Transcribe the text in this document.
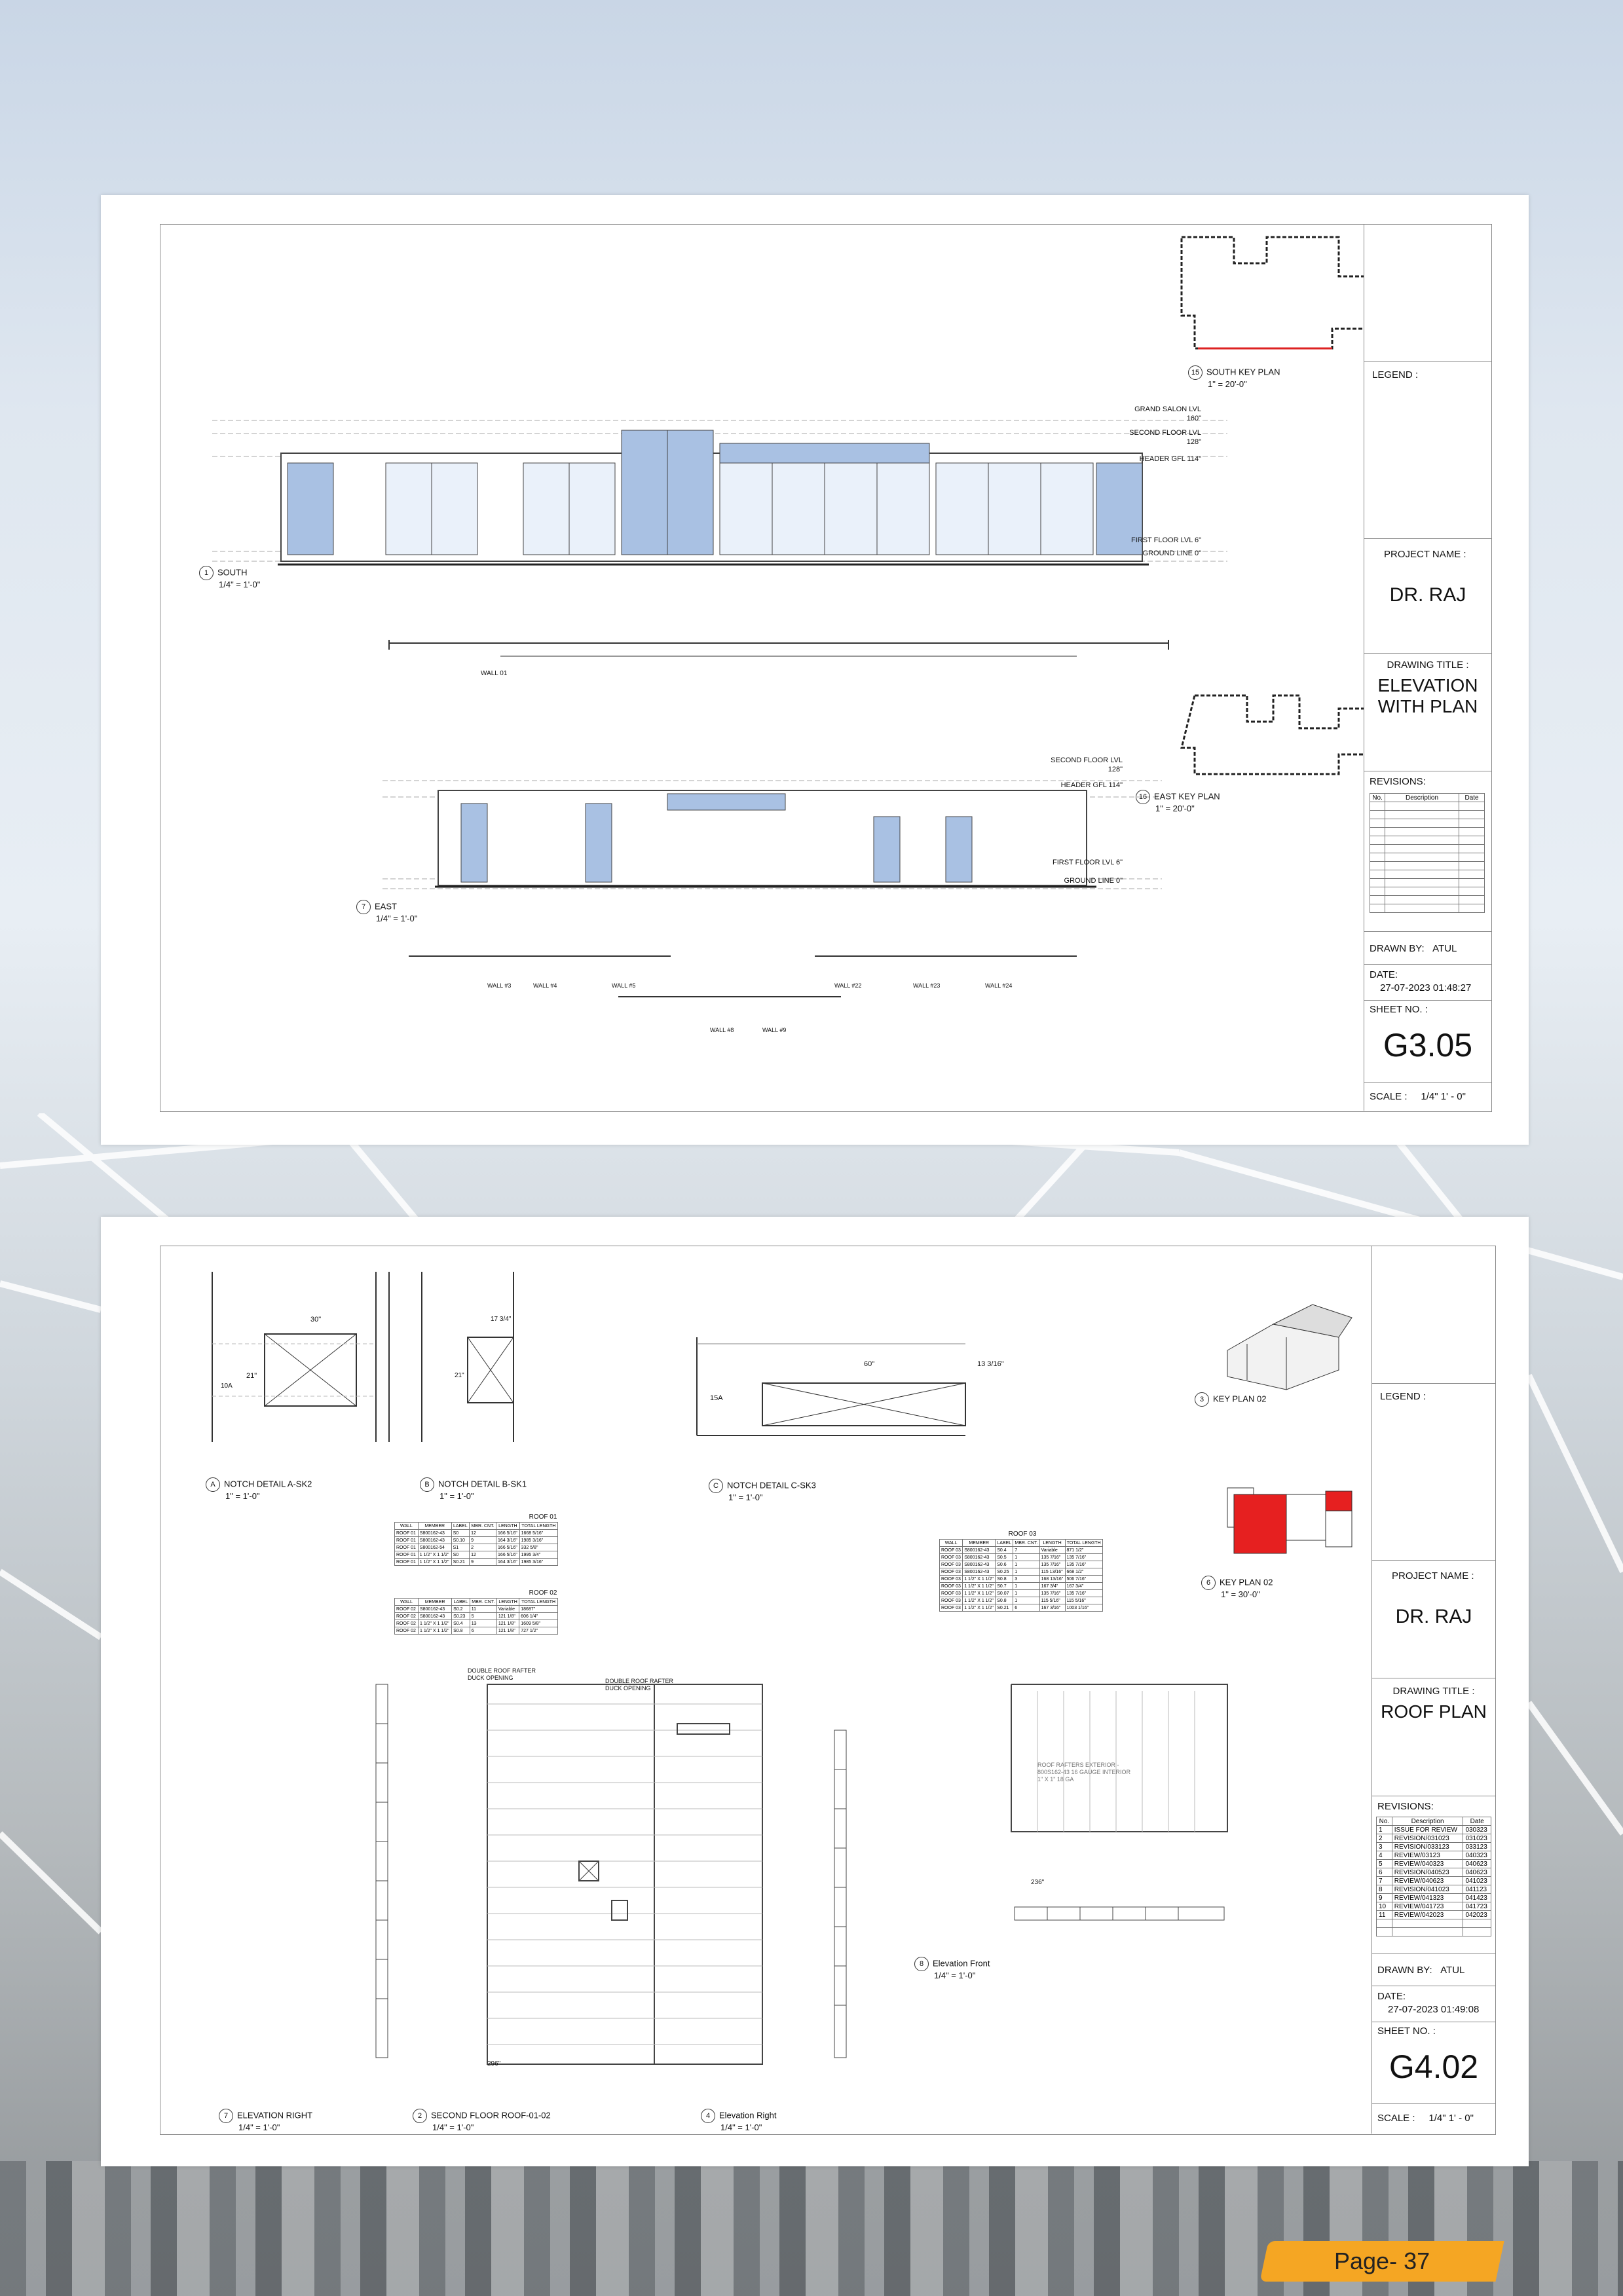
15 SOUTH KEY PLAN
1" = 20'-0"
1 SOUTH
1/4" = 1'-0"
16 EAST KEY PLAN
1" = 20'-0"
7 EAST
1/4" = 1'-0"
GRAND SALON LVL 160"
SECOND FLOOR LVL 128"
HEADER GFL 114"
FIRST FLOOR LVL 6"
GROUND LINE 0"
WALL 01
SECOND FLOOR LVL 128"
HEADER GFL 114"
FIRST FLOOR LVL 6"
GROUND LINE 0"
WALL #3	WALL #4	WALL #5	WALL #22	WALL #23	WALL #24
WALL #8	WALL #9
LEGEND :
PROJECT NAME :
DR. RAJ
DRAWING TITLE :
ELEVATION WITH PLAN
REVISIONS:
No.	Description	Date

DRAWN BY: ATUL
DATE:
27-07-2023 01:48:27
SHEET NO. :
G3.05
SCALE : 1/4" 1' - 0"
30"
21"
10A
17 3/4"
21"
60"	13 3/16"
15A
296"
236"
DOUBLE ROOF RAFTER DUCK OPENING	DOUBLE ROOF RAFTER DUCK OPENING
ROOF RAFTERS EXTERIOR - 800S162-43 16 GAUGE INTERIOR 1" X 1" 18 GA
ROOF 01
WALL	MEMBER	LABEL	MBR. CNT.	LENGTH	TOTAL LENGTH
ROOF 01	S800162-43	S0	12	166 5/16"	1668 5/16"
ROOF 01	S800162-43	S0.10	9	164 3/16"	1985 3/16"
ROOF 01	S800162-54	S1	2	166 5/16"	332 5/8"
ROOF 01	1 1/2" X 1 1/2"	S0	12	166 5/16"	1995 3/4"
ROOF 01	1 1/2" X 1 1/2"	S0.21	9	164 3/16"	1985 3/16"
ROOF 02
WALL	MEMBER	LABEL	MBR. CNT.	LENGTH	TOTAL LENGTH
ROOF 02	S800162-43	S0.2	11	Variable	18687"
ROOF 02	S800162-43	S0.23	5	121 1/8"	606 1/4"
ROOF 02	1 1/2" X 1 1/2"	S0.4	13	121 1/8"	1609 5/8"
ROOF 02	1 1/2" X 1 1/2"	S0.8	6	121 1/8"	727 1/2"
ROOF 03
WALL	MEMBER	LABEL	MBR. CNT.	LENGTH	TOTAL LENGTH
ROOF 03	S800162-43	S0.4	7	Variable	871 1/2"
ROOF 03	S800162-43	S0.5	1	135 7/16"	135 7/16"
ROOF 03	S800162-43	S0.6	1	135 7/16"	135 7/16"
ROOF 03	S800162-43	S0.25	1	115 13/16"	668 1/2"
ROOF 03	1 1/2" X 1 1/2"	S0.8	3	168 13/16"	506 7/16"
ROOF 03	1 1/2" X 1 1/2"	S0.7	1	167 3/4"	167 3/4"
ROOF 03	1 1/2" X 1 1/2"	S0.07	1	135 7/16"	135 7/16"
ROOF 03	1 1/2" X 1 1/2"	S0.8	1	115 5/16"	115 5/16"
ROOF 03	1 1/2" X 1 1/2"	S0.21	6	167 3/16"	1003 1/16"
A NOTCH DETAIL A-SK2
1" = 1'-0"
B NOTCH DETAIL B-SK1
1" = 1'-0"
C NOTCH DETAIL C-SK3
1" = 1'-0"
3 KEY PLAN 02
6 KEY PLAN 02
1" = 30'-0"
8 Elevation Front
1/4" = 1'-0"
7 ELEVATION RIGHT
1/4" = 1'-0"
2 SECOND FLOOR ROOF-01-02
1/4" = 1'-0"
4 Elevation Right
1/4" = 1'-0"
LEGEND :
PROJECT NAME :
DR. RAJ
DRAWING TITLE :
ROOF PLAN
REVISIONS:
No.	Description	Date
1	ISSUE FOR REVIEW	030323
2	REVISION/031023	031023
3	REVISION/033123	033123
4	REVIEW/03123	040323
5	REVIEW/040323	040623
6	REVISION/040523	040623
7	REVIEW/040623	041023
8	REVISION/041023	041123
9	REVIEW/041323	041423
10	REVIEW/041723	041723
11	REVIEW/042023	042023

DRAWN BY: ATUL
DATE:
27-07-2023 01:49:08
SHEET NO. :
G4.02
SCALE : 1/4" 1' - 0"
Page- 37
